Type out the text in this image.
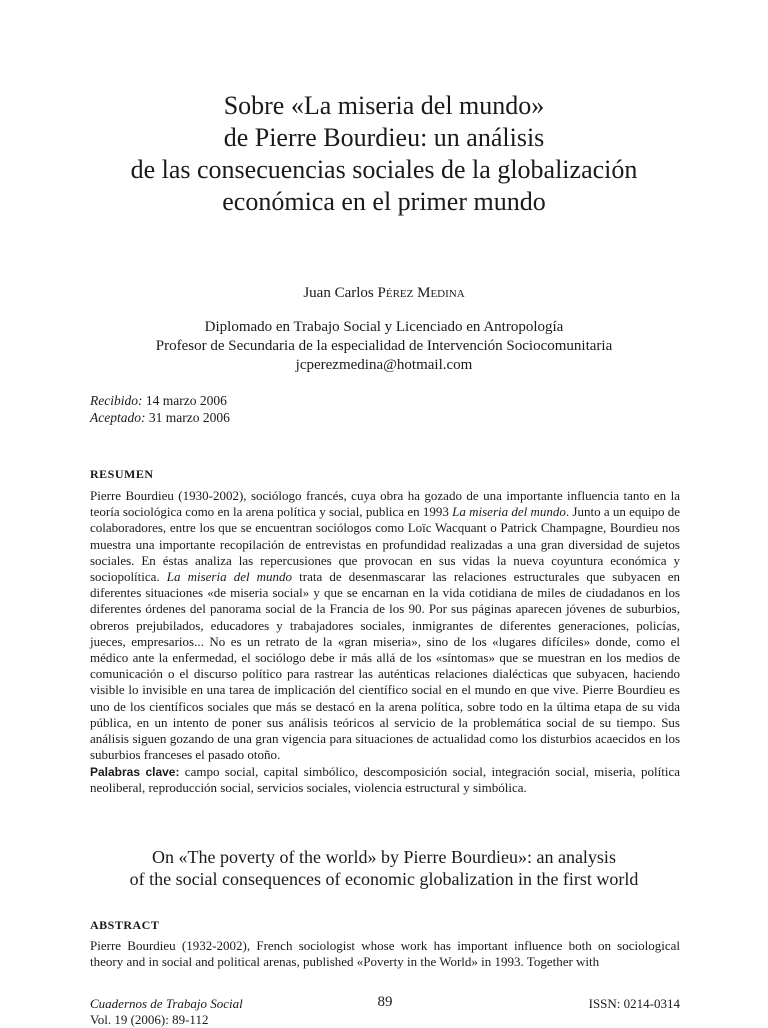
Sobre «La miseria del mundo»
de Pierre Bourdieu: un análisis
de las consecuencias sociales de la globalización
económica en el primer mundo
Juan Carlos Pérez Medina
Diplomado en Trabajo Social y Licenciado en Antropología
Profesor de Secundaria de la especialidad de Intervención Sociocomunitaria
jcperezmedina@hotmail.com
Recibido: 14 marzo 2006
Aceptado: 31 marzo 2006
RESUMEN

Pierre Bourdieu (1930-2002), sociólogo francés, cuya obra ha gozado de una importante influencia tanto en la teoría sociológica como en la arena política y social, publica en 1993 La miseria del mundo. Junto a un equipo de colaboradores, entre los que se encuentran sociólogos como Loïc Wacquant o Patrick Champagne, Bourdieu nos muestra una importante recopilación de entrevistas en profundidad realizadas a una gran diversidad de sujetos sociales. En éstas analiza las repercusiones que provocan en sus vidas la nueva coyuntura económica y sociopolítica. La miseria del mundo trata de desenmascarar las relaciones estructurales que subyacen en diferentes situaciones «de miseria social» y que se encarnan en la vida cotidiana de miles de ciudadanos en los diferentes órdenes del panorama social de la Francia de los 90. Por sus páginas aparecen jóvenes de suburbios, obreros prejubilados, educadores y trabajadores sociales, inmigrantes de diferentes generaciones, policías, jueces, empresarios... No es un retrato de la «gran miseria», sino de los «lugares difíciles» donde, como el médico ante la enfermedad, el sociólogo debe ir más allá de los «síntomas» que se muestran en los medios de comunicación o el discurso político para rastrear las auténticas relaciones dialécticas que subyacen, haciendo visible lo invisible en una tarea de implicación del científico social en el mundo en que vive. Pierre Bourdieu es uno de los científicos sociales que más se destacó en la arena política, sobre todo en la última etapa de su vida pública, en un intento de poner sus análisis teóricos al servicio de la problemática social de su tiempo. Sus análisis siguen gozando de una gran vigencia para situaciones de actualidad como los disturbios acaecidos en los suburbios franceses el pasado otoño.

Palabras clave: campo social, capital simbólico, descomposición social, integración social, miseria, política neoliberal, reproducción social, servicios sociales, violencia estructural y simbólica.

On «The poverty of the world» by Pierre Bourdieu»: an analysis
of the social consequences of economic globalization in the first world
ABSTRACT

Pierre Bourdieu (1932-2002), French sociologist whose work has important influence both on sociological theory and in social and political arenas, published «Poverty in the World» in 1993. Together with

Cuadernos de Trabajo Social
Vol. 19 (2006): 89-112
89	ISSN: 0214-0314
